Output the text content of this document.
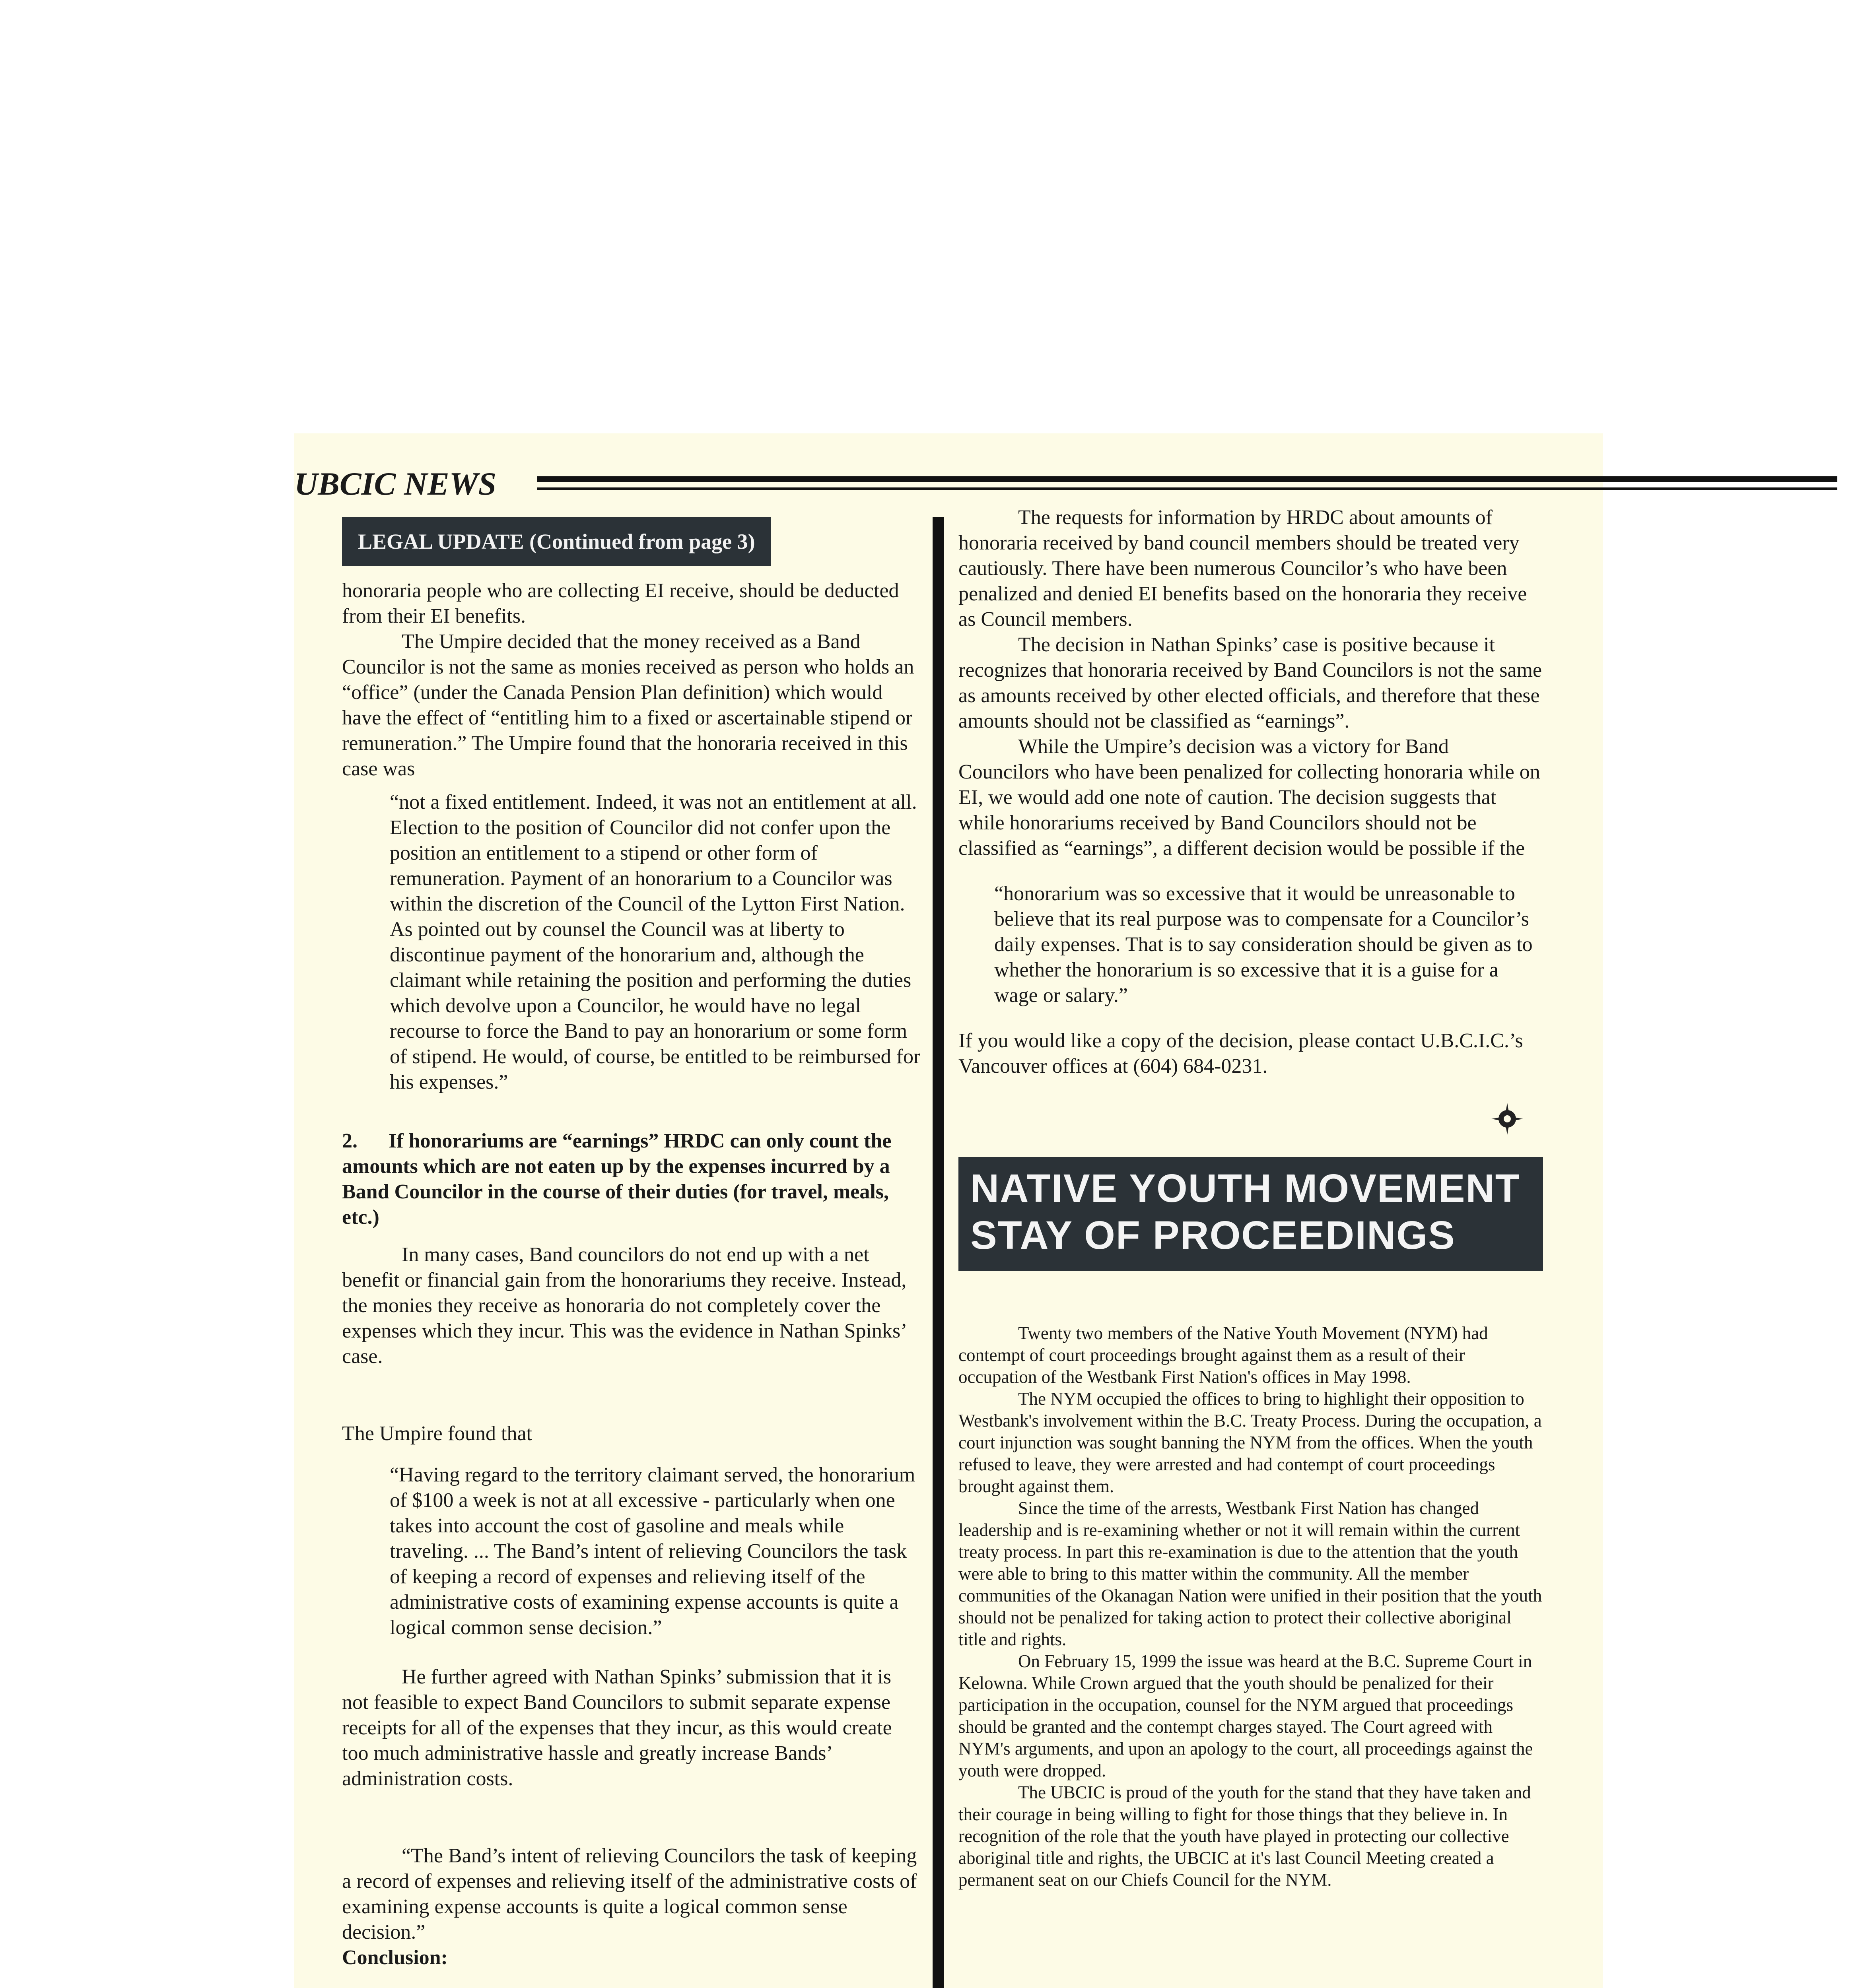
UBCIC NEWS
LEGAL UPDATE (Continued from page 3)

honoraria people who are collecting EI receive, should be deducted from their EI benefits.

The Umpire decided that the money received as a Band Councilor is not the same as monies received as person who holds an “office” (under the Canada Pension Plan definition) which would have the effect of “entitling him to a fixed or ascertainable stipend or remuneration.” The Umpire found that the honoraria received in this case was

“not a fixed entitlement. Indeed, it was not an entitlement at all. Election to the position of Councilor did not confer upon the position an entitlement to a stipend or other form of remuneration. Payment of an honorarium to a Councilor was within the discretion of the Council of the Lytton First Nation. As pointed out by counsel the Council was at liberty to discontinue payment of the honorarium and, although the claimant while retaining the position and performing the duties which devolve upon a Councilor, he would have no legal recourse to force the Band to pay an honorarium or some form of stipend. He would, of course, be entitled to be reimbursed for his expenses.”

2.      If honorariums are “earnings” HRDC can only count the amounts which are not eaten up by the expenses incurred by a Band Councilor in the course of their duties (for travel, meals, etc.)

In many cases, Band councilors do not end up with a net benefit or financial gain from the honorariums they receive. Instead, the monies they receive as honoraria do not completely cover the expenses which they incur. This was the evidence in Nathan Spinks’ case.

The Umpire found that

“Having regard to the territory claimant served, the honorarium of $100 a week is not at all excessive - particularly when one takes into account the cost of gasoline and meals while traveling. ... The Band’s intent of relieving Councilors the task of keeping a record of expenses and relieving itself of the administrative costs of examining expense accounts is quite a logical common sense decision.”

He further agreed with Nathan Spinks’ submission that it is not feasible to expect Band Councilors to submit separate expense receipts for all of the expenses that they incur, as this would create too much administrative hassle and greatly increase Bands’ administration costs.

“The Band’s intent of relieving Councilors the task of keeping a record of expenses and relieving itself of the administrative costs of examining expense accounts is quite a logical common sense decision.”

Conclusion:

The requests for information by HRDC about amounts of honoraria received by band council members should be treated very cautiously. There have been numerous Councilor’s who have been penalized and denied EI benefits based on the honoraria they receive as Council members.

The decision in Nathan Spinks’ case is positive because it recognizes that honoraria received by Band Councilors is not the same as amounts received by other elected officials, and therefore that these amounts should not be classified as “earnings”.

While the Umpire’s decision was a victory for Band Councilors who have been penalized for collecting honoraria while on EI, we would add one note of caution. The decision suggests that while honorariums received by Band Councilors should not be classified as “earnings”, a different decision would be possible if the

“honorarium was so excessive that it would be unreasonable to believe that its real purpose was to compensate for a Councilor’s daily expenses. That is to say consideration should be given as to whether the honorarium is so excessive that it is a guise for a wage or salary.”

If you would like a copy of the decision, please contact U.B.C.I.C.’s Vancouver offices at (604) 684-0231.

NATIVE YOUTH MOVEMENT
STAY OF PROCEEDINGS

Twenty two members of the Native Youth Movement (NYM) had contempt of court proceedings brought against them as a result of their occupation of the Westbank First Nation's offices in May 1998.

The NYM occupied the offices to bring to highlight their opposition to Westbank's involvement within the B.C. Treaty Process. During the occupation, a court injunction was sought banning the NYM from the offices. When the youth refused to leave, they were arrested and had contempt of court proceedings brought against them.

Since the time of the arrests, Westbank First Nation has changed leadership and is re-examining whether or not it will remain within the current treaty process. In part this re-examination is due to the attention that the youth were able to bring to this matter within the community. All the member communities of the Okanagan Nation were unified in their position that the youth should not be penalized for taking action to protect their collective aboriginal title and rights.

On February 15, 1999 the issue was heard at the B.C. Supreme Court in Kelowna. While Crown argued that the youth should be penalized for their participation in the occupation, counsel for the NYM argued that proceedings should be granted and the contempt charges stayed. The Court agreed with NYM's arguments, and upon an apology to the court, all proceedings against the youth were dropped.

The UBCIC is proud of the youth for the stand that they have taken and their courage in being willing to fight for those things that they believe in. In recognition of the role that the youth have played in protecting our collective aboriginal title and rights, the UBCIC at it's last Council Meeting created a permanent seat on our Chiefs Council for the NYM.
